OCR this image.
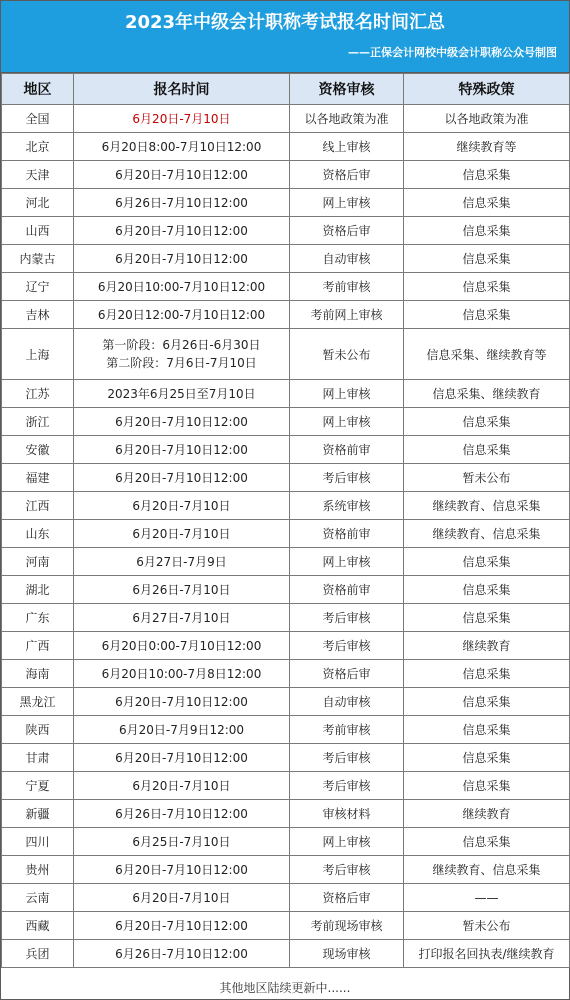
2023年中级会计职称考试报名时间汇总
——正保会计网校中级会计职称公众号制图
地区	报名时间	资格审核	特殊政策
全国	6月20日-7月10日	以各地政策为准	以各地政策为准
北京	6月20日8:00-7月10日12:00	线上审核	继续教育等
天津	6月20日-7月10日12:00	资格后审	信息采集
河北	6月26日-7月10日12:00	网上审核	信息采集
山西	6月20日-7月10日12:00	资格后审	信息采集
内蒙古	6月20日-7月10日12:00	自动审核	信息采集
辽宁	6月20日10:00-7月10日12:00	考前审核	信息采集
吉林	6月20日12:00-7月10日12:00	考前网上审核	信息采集
上海	第一阶段：6月26日-6月30日
第二阶段：7月6日-7月10日	暂未公布	信息采集、继续教育等
江苏	2023年6月25日至7月10日	网上审核	信息采集、继续教育
浙江	6月20日-7月10日12:00	网上审核	信息采集
安徽	6月20日-7月10日12:00	资格前审	信息采集
福建	6月20日-7月10日12:00	考后审核	暂未公布
江西	6月20日-7月10日	系统审核	继续教育、信息采集
山东	6月20日-7月10日	资格前审	继续教育、信息采集
河南	6月27日-7月9日	网上审核	信息采集
湖北	6月26日-7月10日	资格前审	信息采集
广东	6月27日-7月10日	考后审核	信息采集
广西	6月20日0:00-7月10日12:00	考后审核	继续教育
海南	6月20日10:00-7月8日12:00	资格后审	信息采集
黑龙江	6月20日-7月10日12:00	自动审核	信息采集
陕西	6月20日-7月9日12:00	考前审核	信息采集
甘肃	6月20日-7月10日12:00	考后审核	信息采集
宁夏	6月20日-7月10日	考后审核	信息采集
新疆	6月26日-7月10日12:00	审核材料	继续教育
四川	6月25日-7月10日	网上审核	信息采集
贵州	6月20日-7月10日12:00	考后审核	继续教育、信息采集
云南	6月20日-7月10日	资格后审	——
西藏	6月20日-7月10日12:00	考前现场审核	暂未公布
兵团	6月26日-7月10日12:00	现场审核	打印报名回执表/继续教育
其他地区陆续更新中......
